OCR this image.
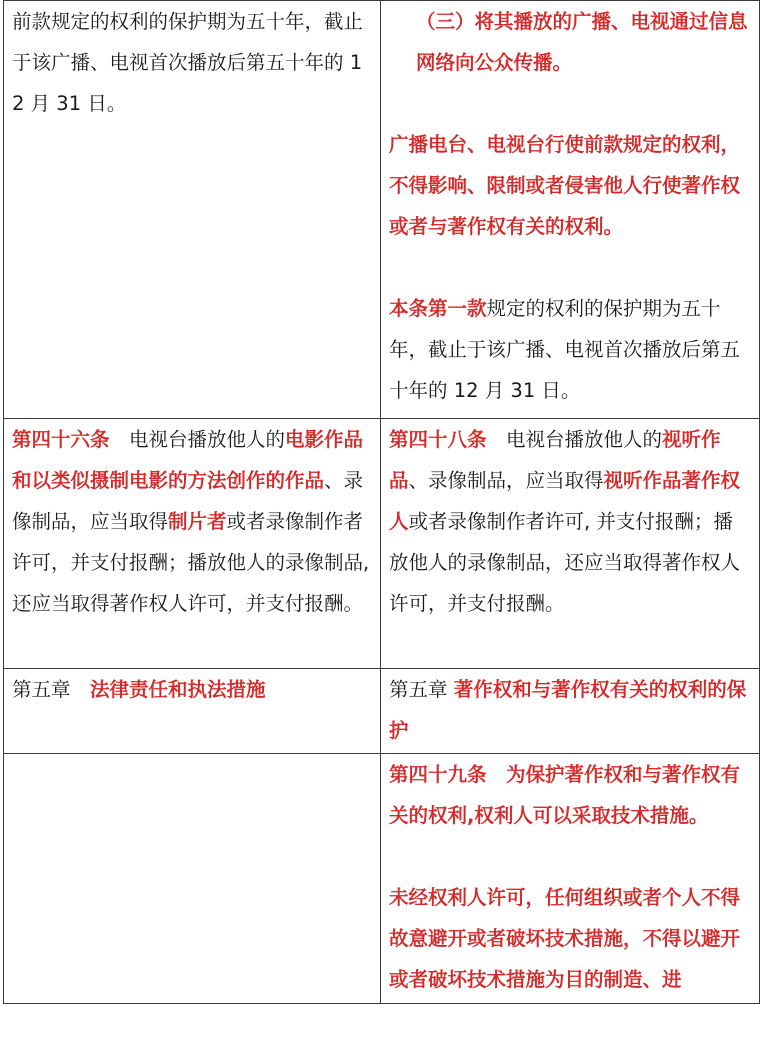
前款规定的权利的保护期为五十年，截止于该广播、电视首次播放后第五十年的 12 月 31 日。	（三）将其播放的广播、电视通过信息网络向公众传播。

广播电台、电视台行使前款规定的权利，不得影响、限制或者侵害他人行使著作权或者与著作权有关的权利。

本条第一款规定的权利的保护期为五十年，截止于该广播、电视首次播放后第五十年的 12 月 31 日。

第四十六条　电视台播放他人的电影作品和以类似摄制电影的方法创作的作品、录像制品，应当取得制片者或者录像制作者许可，并支付报酬；播放他人的录像制品,还应当取得著作权人许可，并支付报酬。	第四十八条　电视台播放他人的视听作品、录像制品，应当取得视听作品著作权人或者录像制作者许可, 并支付报酬；播放他人的录像制品，还应当取得著作权人许可，并支付报酬。

第五章　 法律责任和执法措施	第五章 著作权和与著作权有关的权利的保护

	第四十九条　为保护著作权和与著作权有关的权利,权利人可以采取技术措施。

未经权利人许可，任何组织或者个人不得故意避开或者破坏技术措施，不得以避开或者破坏技术措施为目的制造、进
